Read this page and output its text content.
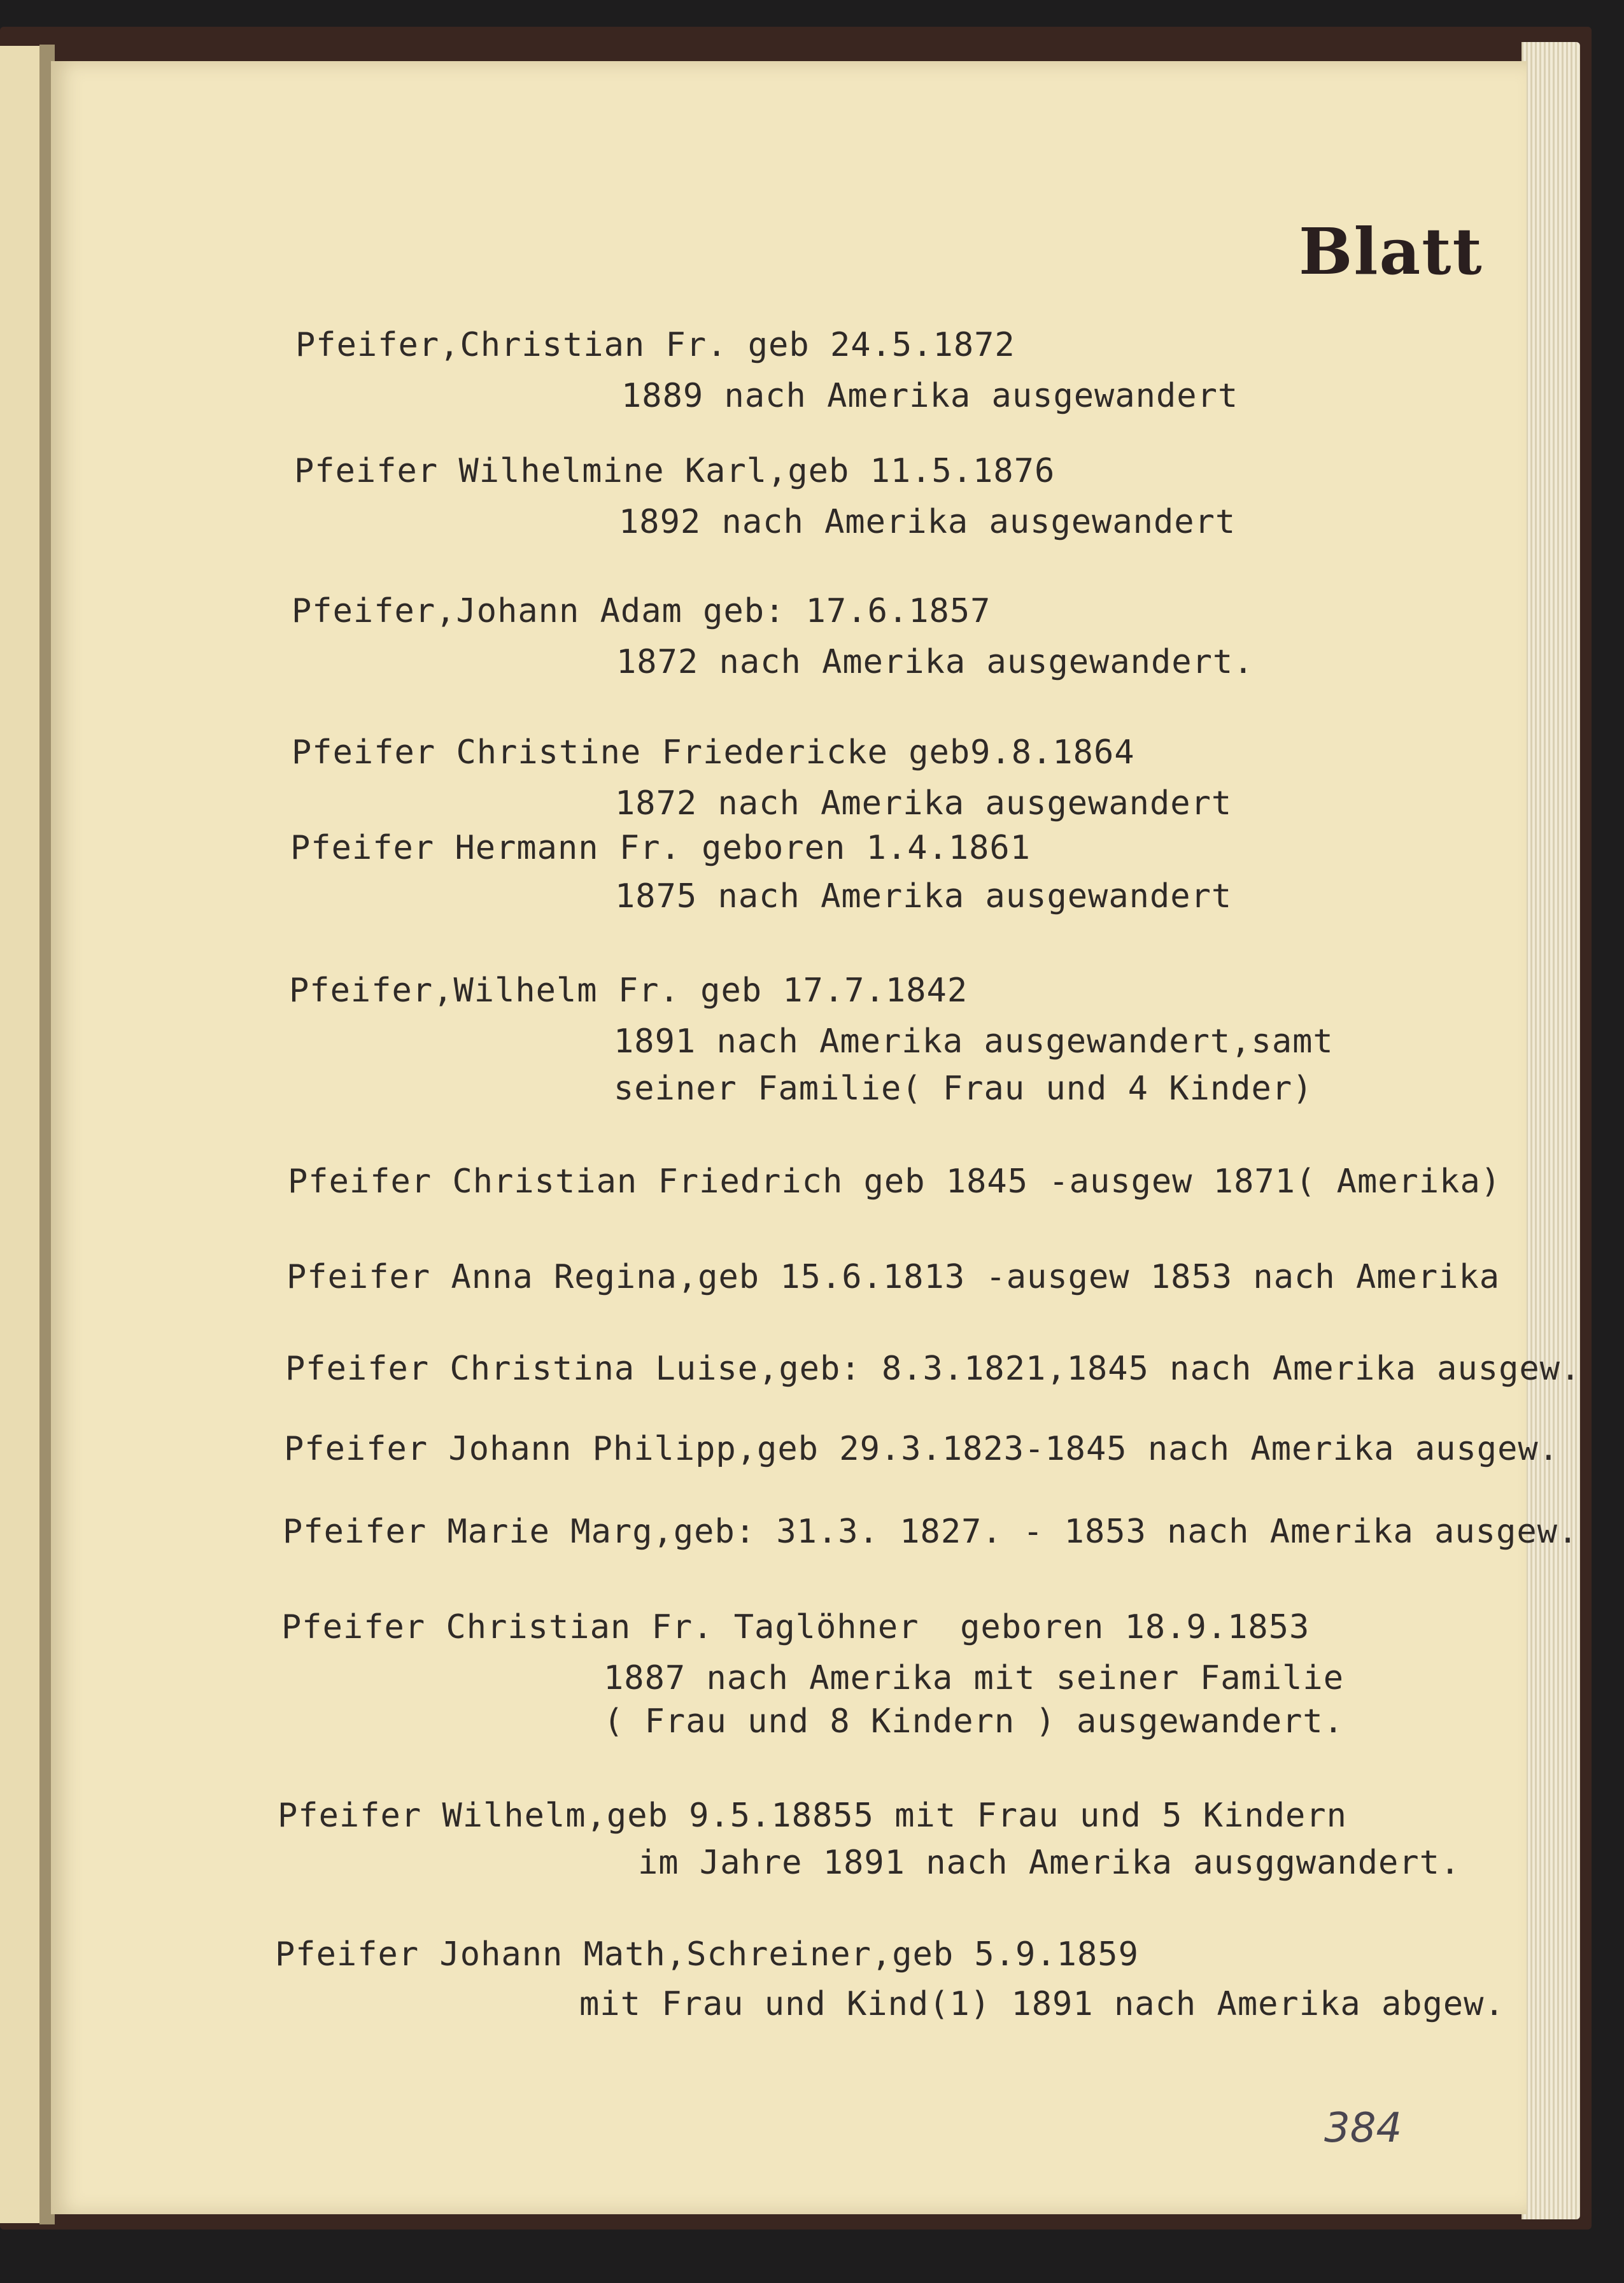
Blatt
Pfeifer,Christian Fr. geb 24.5.1872
1889 nach Amerika ausgewandert
Pfeifer Wilhelmine Karl,geb 11.5.1876
1892 nach Amerika ausgewandert
Pfeifer,Johann Adam geb: 17.6.1857
1872 nach Amerika ausgewandert.
Pfeifer Christine Friedericke geb9.8.1864
1872 nach Amerika ausgewandert
Pfeifer Hermann Fr. geboren 1.4.1861
1875 nach Amerika ausgewandert
Pfeifer,Wilhelm Fr. geb 17.7.1842
1891 nach Amerika ausgewandert,samt
seiner Familie( Frau und 4 Kinder)
Pfeifer Christian Friedrich geb 1845 -ausgew 1871( Amerika)
Pfeifer Anna Regina,geb 15.6.1813 -ausgew 1853 nach Amerika
Pfeifer Christina Luise,geb: 8.3.1821,1845 nach Amerika ausgew.
Pfeifer Johann Philipp,geb 29.3.1823-1845 nach Amerika ausgew.
Pfeifer Marie Marg,geb: 31.3. 1827. - 1853 nach Amerika ausgew.
Pfeifer Christian Fr. Taglöhner  geboren 18.9.1853
1887 nach Amerika mit seiner Familie
( Frau und 8 Kindern ) ausgewandert.
Pfeifer Wilhelm,geb 9.5.18855 mit Frau und 5 Kindern
im Jahre 1891 nach Amerika ausggwandert.
Pfeifer Johann Math,Schreiner,geb 5.9.1859
mit Frau und Kind(1) 1891 nach Amerika abgew.
384
